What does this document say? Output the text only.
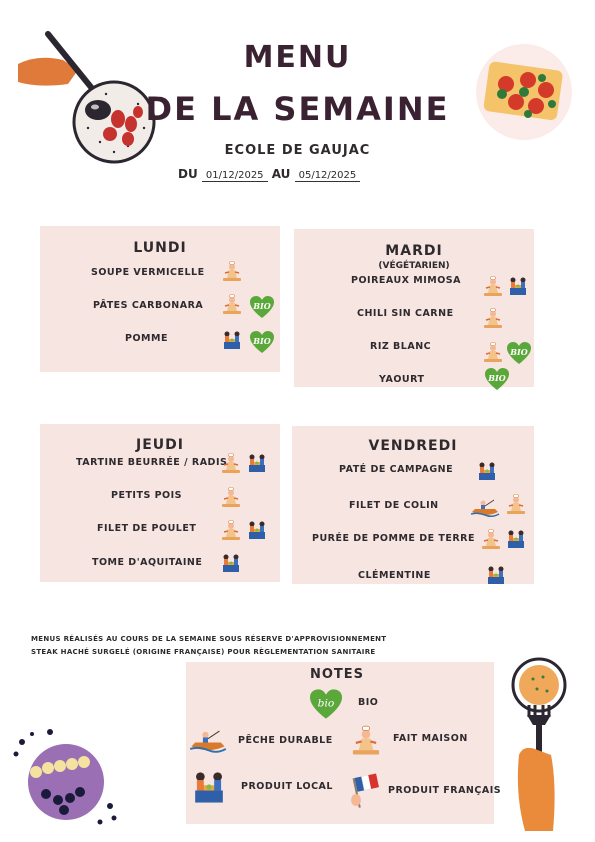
MENU
DE LA SEMAINE
ECOLE DE GAUJAC
DU 01/12/2025 AU 05/12/2025
LUNDI
SOUPE VERMICELLE
PÂTES CARBONARA
POMME
MARDI
(VÉGÉTARIEN)
POIREAUX MIMOSA
CHILI SIN CARNE
RIZ BLANC
YAOURT
JEUDI
TARTINE BEURRÉE / RADIS
PETITS POIS
FILET DE POULET
TOME D'AQUITAINE
VENDREDI
PATÉ DE CAMPAGNE
FILET DE COLIN
PURÉE DE POMME DE TERRE
CLÉMENTINE
MENUS RÉALISÉS AU COURS DE LA SEMAINE SOUS RÉSERVE D'APPROVISIONNEMENT
STEAK HACHÉ SURGELÉ (ORIGINE FRANÇAISE) POUR RÈGLEMENTATION SANITAIRE
NOTES
BIO
PÊCHE DURABLE	FAIT MAISON
PRODUIT LOCAL	PRODUIT FRANÇAIS
